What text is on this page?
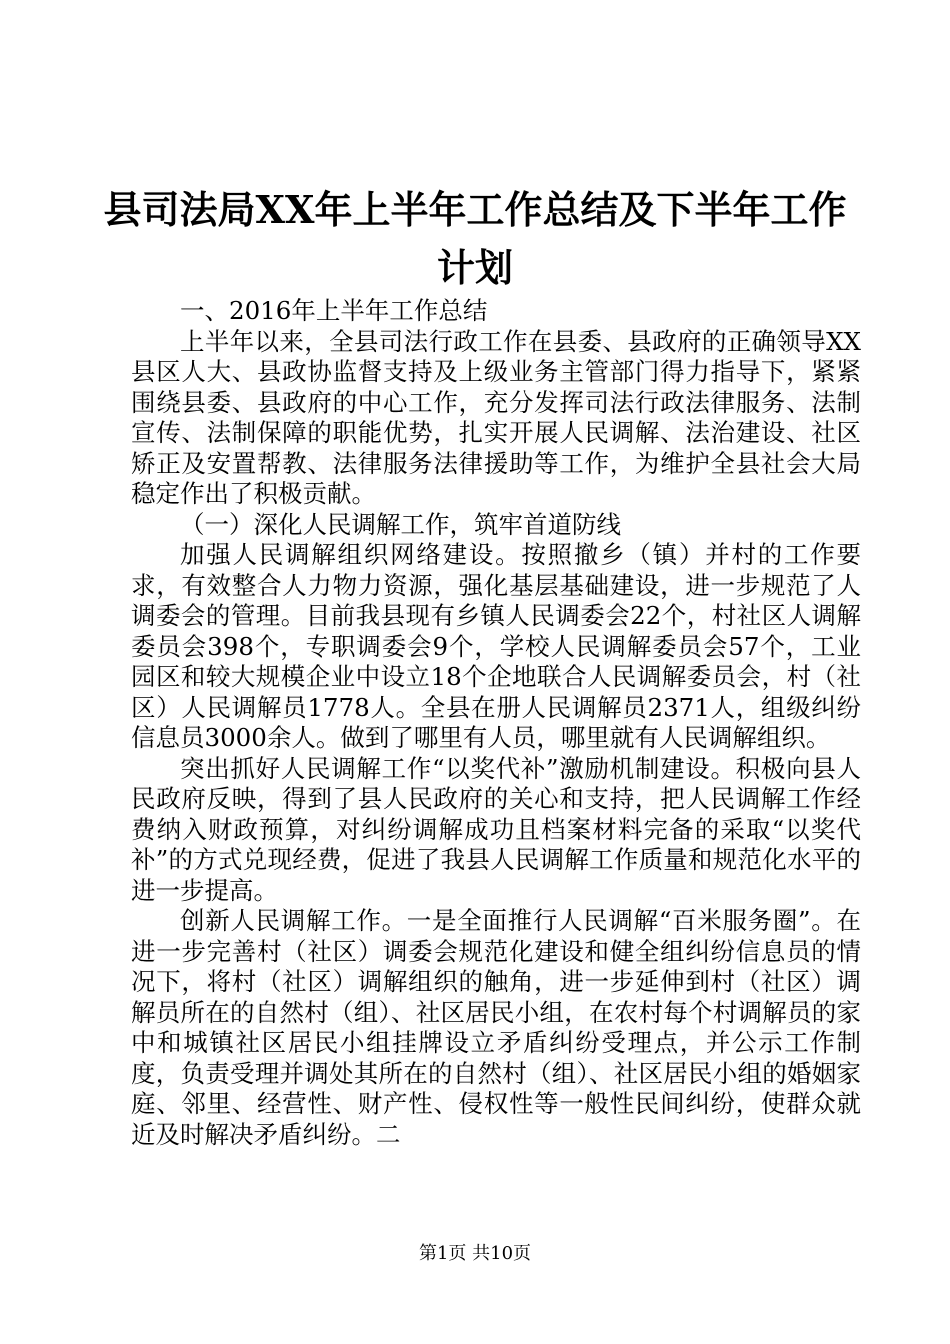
县司法局XX年上半年工作总结及下半年工作
计划

一、2016年上半年工作总结

上半年以来，全县司法行政工作在县委、县政府的正确领导XX县区人大、县政协监督支持及上级业务主管部门得力指导下，紧紧围绕县委、县政府的中心工作，充分发挥司法行政法律服务、法制宣传、法制保障的职能优势，扎实开展人民调解、法治建设、社区矫正及安置帮教、法律服务法律援助等工作，为维护全县社会大局稳定作出了积极贡献。

（一）深化人民调解工作，筑牢首道防线

加强人民调解组织网络建设。按照撤乡（镇）并村的工作要求，有效整合人力物力资源，强化基层基础建设，进一步规范了人调委会的管理。目前我县现有乡镇人民调委会22个，村社区人调解委员会398个，专职调委会9个，学校人民调解委员会57个，工业园区和较大规模企业中设立18个企地联合人民调解委员会，村（社区）人民调解员1778人。全县在册人民调解员2371人，组级纠纷信息员3000余人。做到了哪里有人员，哪里就有人民调解组织。

突出抓好人民调解工作“以奖代补”激励机制建设。积极向县人民政府反映，得到了县人民政府的关心和支持，把人民调解工作经费纳入财政预算，对纠纷调解成功且档案材料完备的采取“以奖代补”的方式兑现经费，促进了我县人民调解工作质量和规范化水平的进一步提高。

创新人民调解工作。一是全面推行人民调解“百米服务圈”。在进一步完善村（社区）调委会规范化建设和健全组纠纷信息员的情况下，将村（社区）调解组织的触角，进一步延伸到村（社区）调解员所在的自然村（组）、社区居民小组，在农村每个村调解员的家中和城镇社区居民小组挂牌设立矛盾纠纷受理点，并公示工作制度，负责受理并调处其所在的自然村（组）、社区居民小组的婚姻家庭、邻里、经营性、财产性、侵权性等一般性民间纠纷，使群众就近及时解决矛盾纠纷。二

第1页 共10页
